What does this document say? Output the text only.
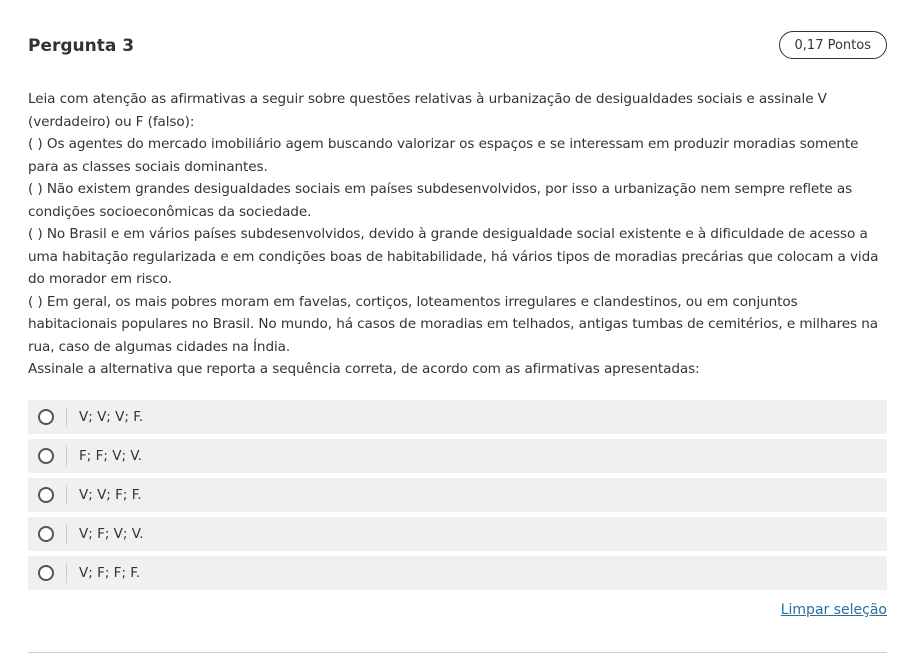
Pergunta 3	0,17 Pontos

Leia com atenção as afirmativas a seguir sobre questões relativas à urbanização de desigualdades sociais e assinale V (verdadeiro) ou F (falso):

( ) Os agentes do mercado imobiliário agem buscando valorizar os espaços e se interessam em produzir moradias somente para as classes sociais dominantes.

( ) Não existem grandes desigualdades sociais em países subdesenvolvidos, por isso a urbanização nem sempre reflete as condições socioeconômicas da sociedade.

( ) No Brasil e em vários países subdesenvolvidos, devido à grande desigualdade social existente e à dificuldade de acesso a uma habitação regularizada e em condições boas de habitabilidade, há vários tipos de moradias precárias que colocam a vida do morador em risco.

( ) Em geral, os mais pobres moram em favelas, cortiços, loteamentos irregulares e clandestinos, ou em conjuntos habitacionais populares no Brasil. No mundo, há casos de moradias em telhados, antigas tumbas de cemitérios, e milhares na rua, caso de algumas cidades na Índia.

Assinale a alternativa que reporta a sequência correta, de acordo com as afirmativas apresentadas:

V; V; V; F.
F; F; V; V.
V; V; F; F.
V; F; V; V.
V; F; F; F.
Limpar seleção
